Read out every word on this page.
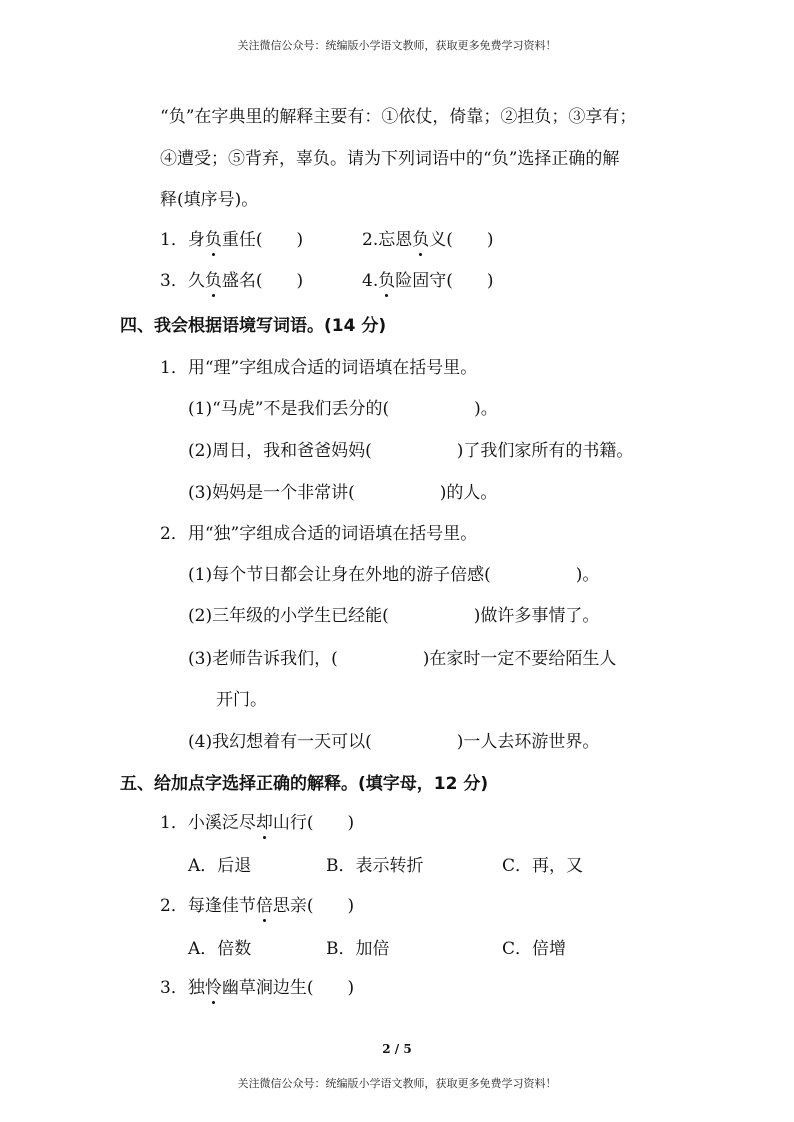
关注微信公众号：统编版小学语文教师，获取更多免费学习资料！
“负”在字典里的解释主要有：①依仗，倚靠；②担负；③享有；
④遭受；⑤背弃，辜负。请为下列词语中的“负”选择正确的解
释(填序号)。
1．身负重任(　　)	2.忘恩负义(　　)
3．久负盛名(　　)	4.负险固守(　　)
四、我会根据语境写词语。(14 分)
1．用“理”字组成合适的词语填在括号里。
(1)“马虎”不是我们丢分的(　　　　　)。
(2)周日，我和爸爸妈妈(　　　　　)了我们家所有的书籍。
(3)妈妈是一个非常讲(　　　　　)的人。
2．用“独”字组成合适的词语填在括号里。
(1)每个节日都会让身在外地的游子倍感(　　　　　)。
(2)三年级的小学生已经能(　　　　　)做许多事情了。
(3)老师告诉我们，(　　　　　)在家时一定不要给陌生人
开门。
(4)我幻想着有一天可以(　　　　　)一人去环游世界。
五、给加点字选择正确的解释。(填字母，12 分)
1．小溪泛尽却山行(　　)
A．后退	B．表示转折	C．再，又
2．每逢佳节倍思亲(　　)
A．倍数	B．加倍	C．倍增
3．独怜幽草涧边生(　　)
2 / 5
关注微信公众号：统编版小学语文教师，获取更多免费学习资料！
